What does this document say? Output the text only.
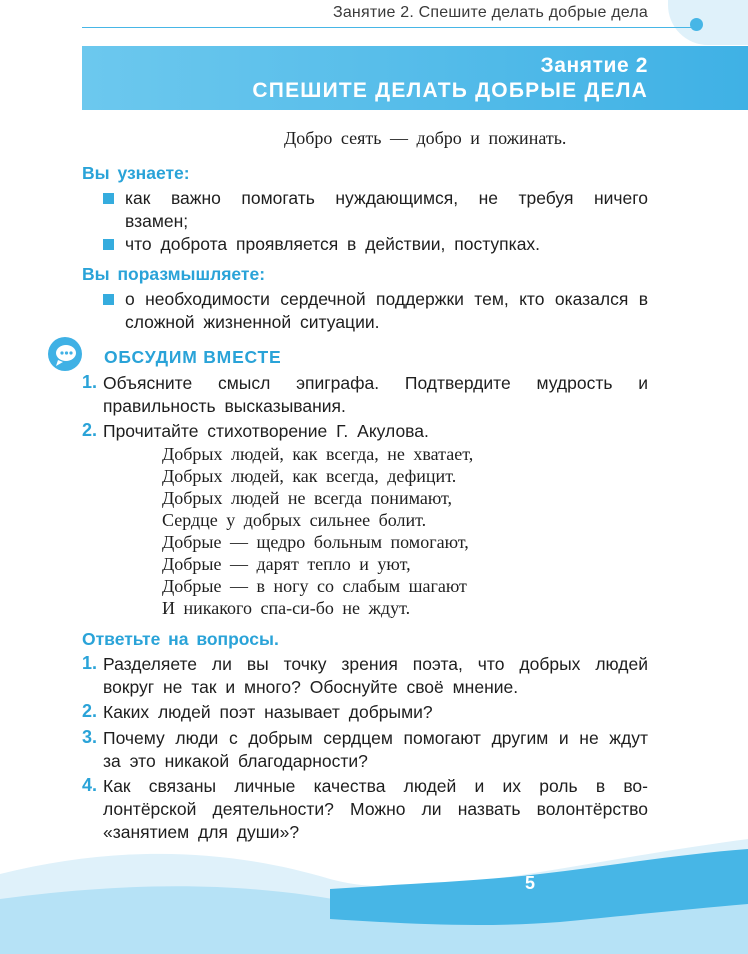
Занятие 2. Спешите делать добрые дела
Занятие 2
СПЕШИТЕ ДЕЛАТЬ ДОБРЫЕ ДЕЛА
Добро сеять — добро и пожинать.
Вы узнаете:
как важно помогать нуждающимся, не требуя ничего взамен;
что доброта проявляется в действии, поступках.
Вы поразмышляете:
о необходимости сердечной поддержки тем, кто оказался в сложной жизненной ситуации.
ОБСУДИМ ВМЕСТЕ
1. Объясните смысл эпиграфа. Подтвердите мудрость и правильность высказывания.
2. Прочитайте стихотворение Г. Акулова.
Добрых людей, как всегда, не хватает,
Добрых людей, как всегда, дефицит.
Добрых людей не всегда понимают,
Сердце у добрых сильнее болит.
Добрые — щедро больным помогают,
Добрые — дарят тепло и уют,
Добрые — в ногу со слабым шагают
И никакого спа-си-бо не ждут.
Ответьте на вопросы.
1. Разделяете ли вы точку зрения поэта, что добрых людей вокруг не так и много? Обоснуйте своё мнение.
2. Каких людей поэт называет добрыми?
3. Почему люди с добрым сердцем помогают другим и не ждут за это никакой благодарности?
4. Как связаны личные качества людей и их роль в волонтёрской деятельности? Можно ли назвать волонтёрство «занятием для души»?
5
